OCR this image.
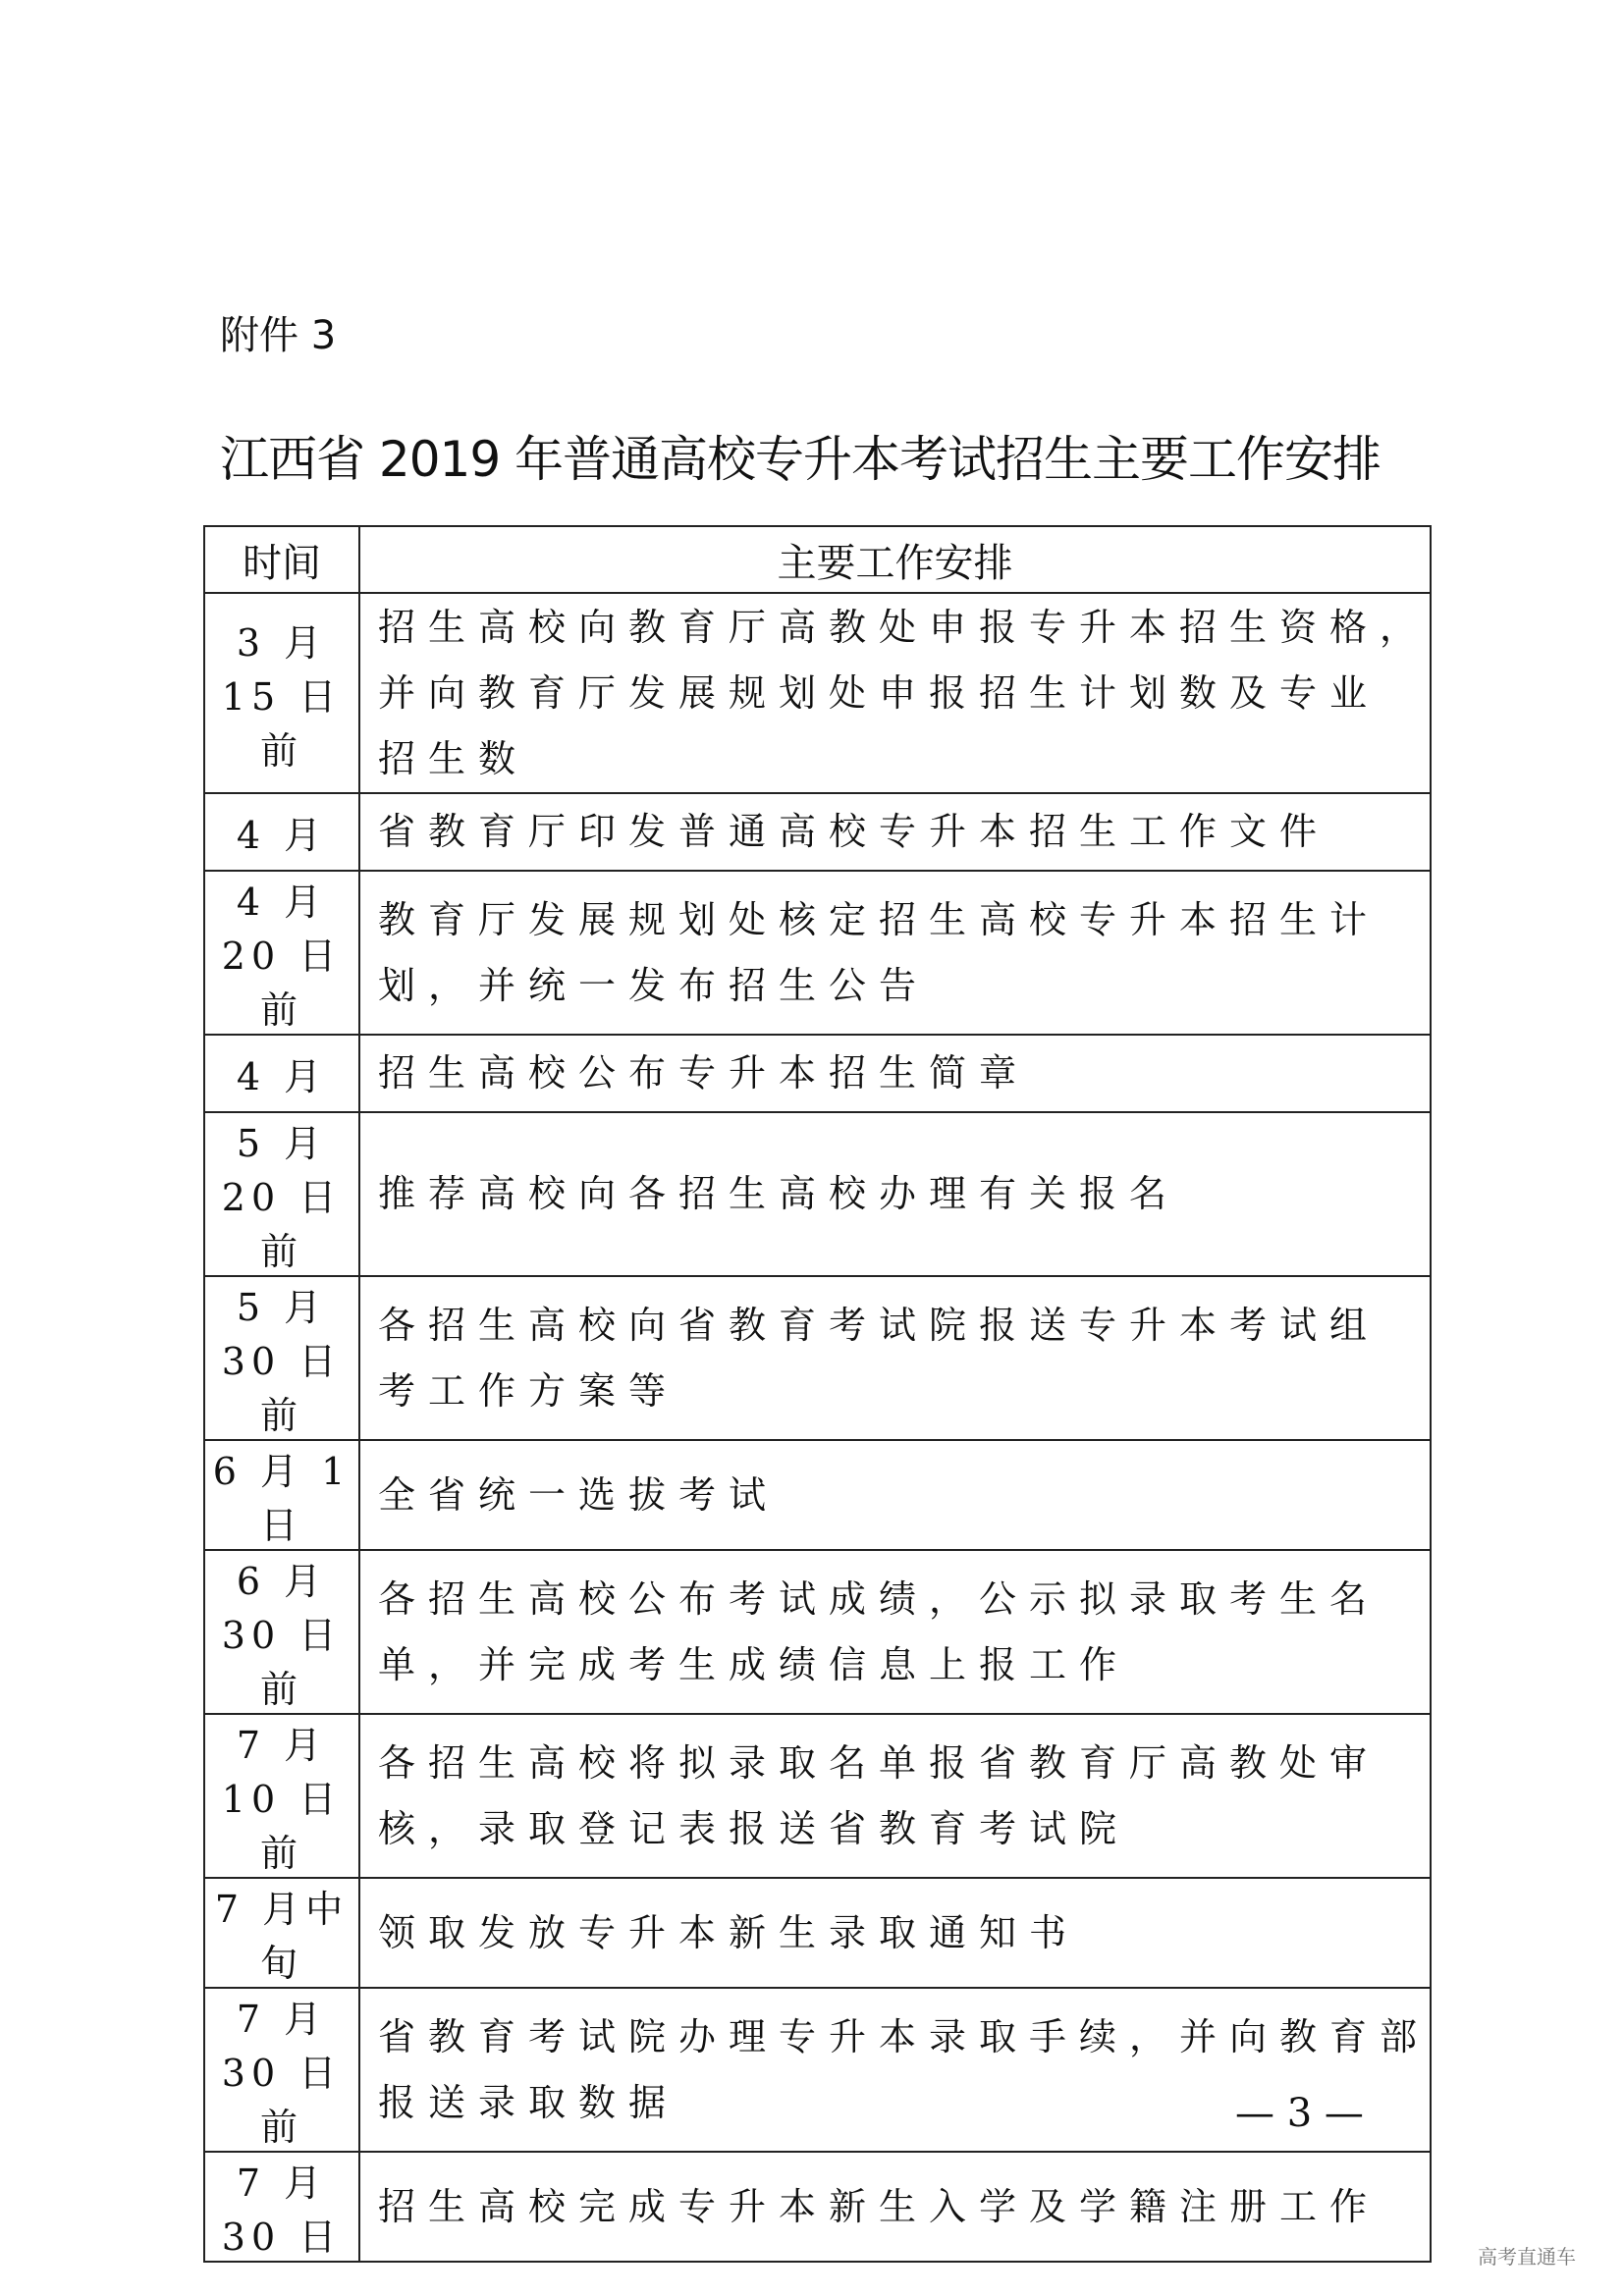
附件 3
江西省 2019 年普通高校专升本考试招生主要工作安排
时间	主要工作安排
3 月 15 日前	招生高校向教育厅高教处申报专升本招生资格，
并向教育厅发展规划处申报招生计划数及专业
招生数

4 月	省教育厅印发普通高校专升本招生工作文件

4 月 20 日前	教育厅发展规划处核定招生高校专升本招生计
划，并统一发布招生公告

4 月	招生高校公布专升本招生简章

5 月 20 日前	推荐高校向各招生高校办理有关报名

5 月 30 日前	各招生高校向省教育考试院报送专升本考试组
考工作方案等

6 月 1 日	全省统一选拔考试

6 月 30 日前	各招生高校公布考试成绩，公示拟录取考生名
单，并完成考生成绩信息上报工作

7 月 10 日前	各招生高校将拟录取名单报省教育厅高教处审
核，录取登记表报送省教育考试院

7 月中旬	领取发放专升本新生录取通知书

7 月 30 日前	省教育考试院办理专升本录取手续，并向教育部
报送录取数据

7 月 30 日	招生高校完成专升本新生入学及学籍注册工作
— 3 —
高考直通车
